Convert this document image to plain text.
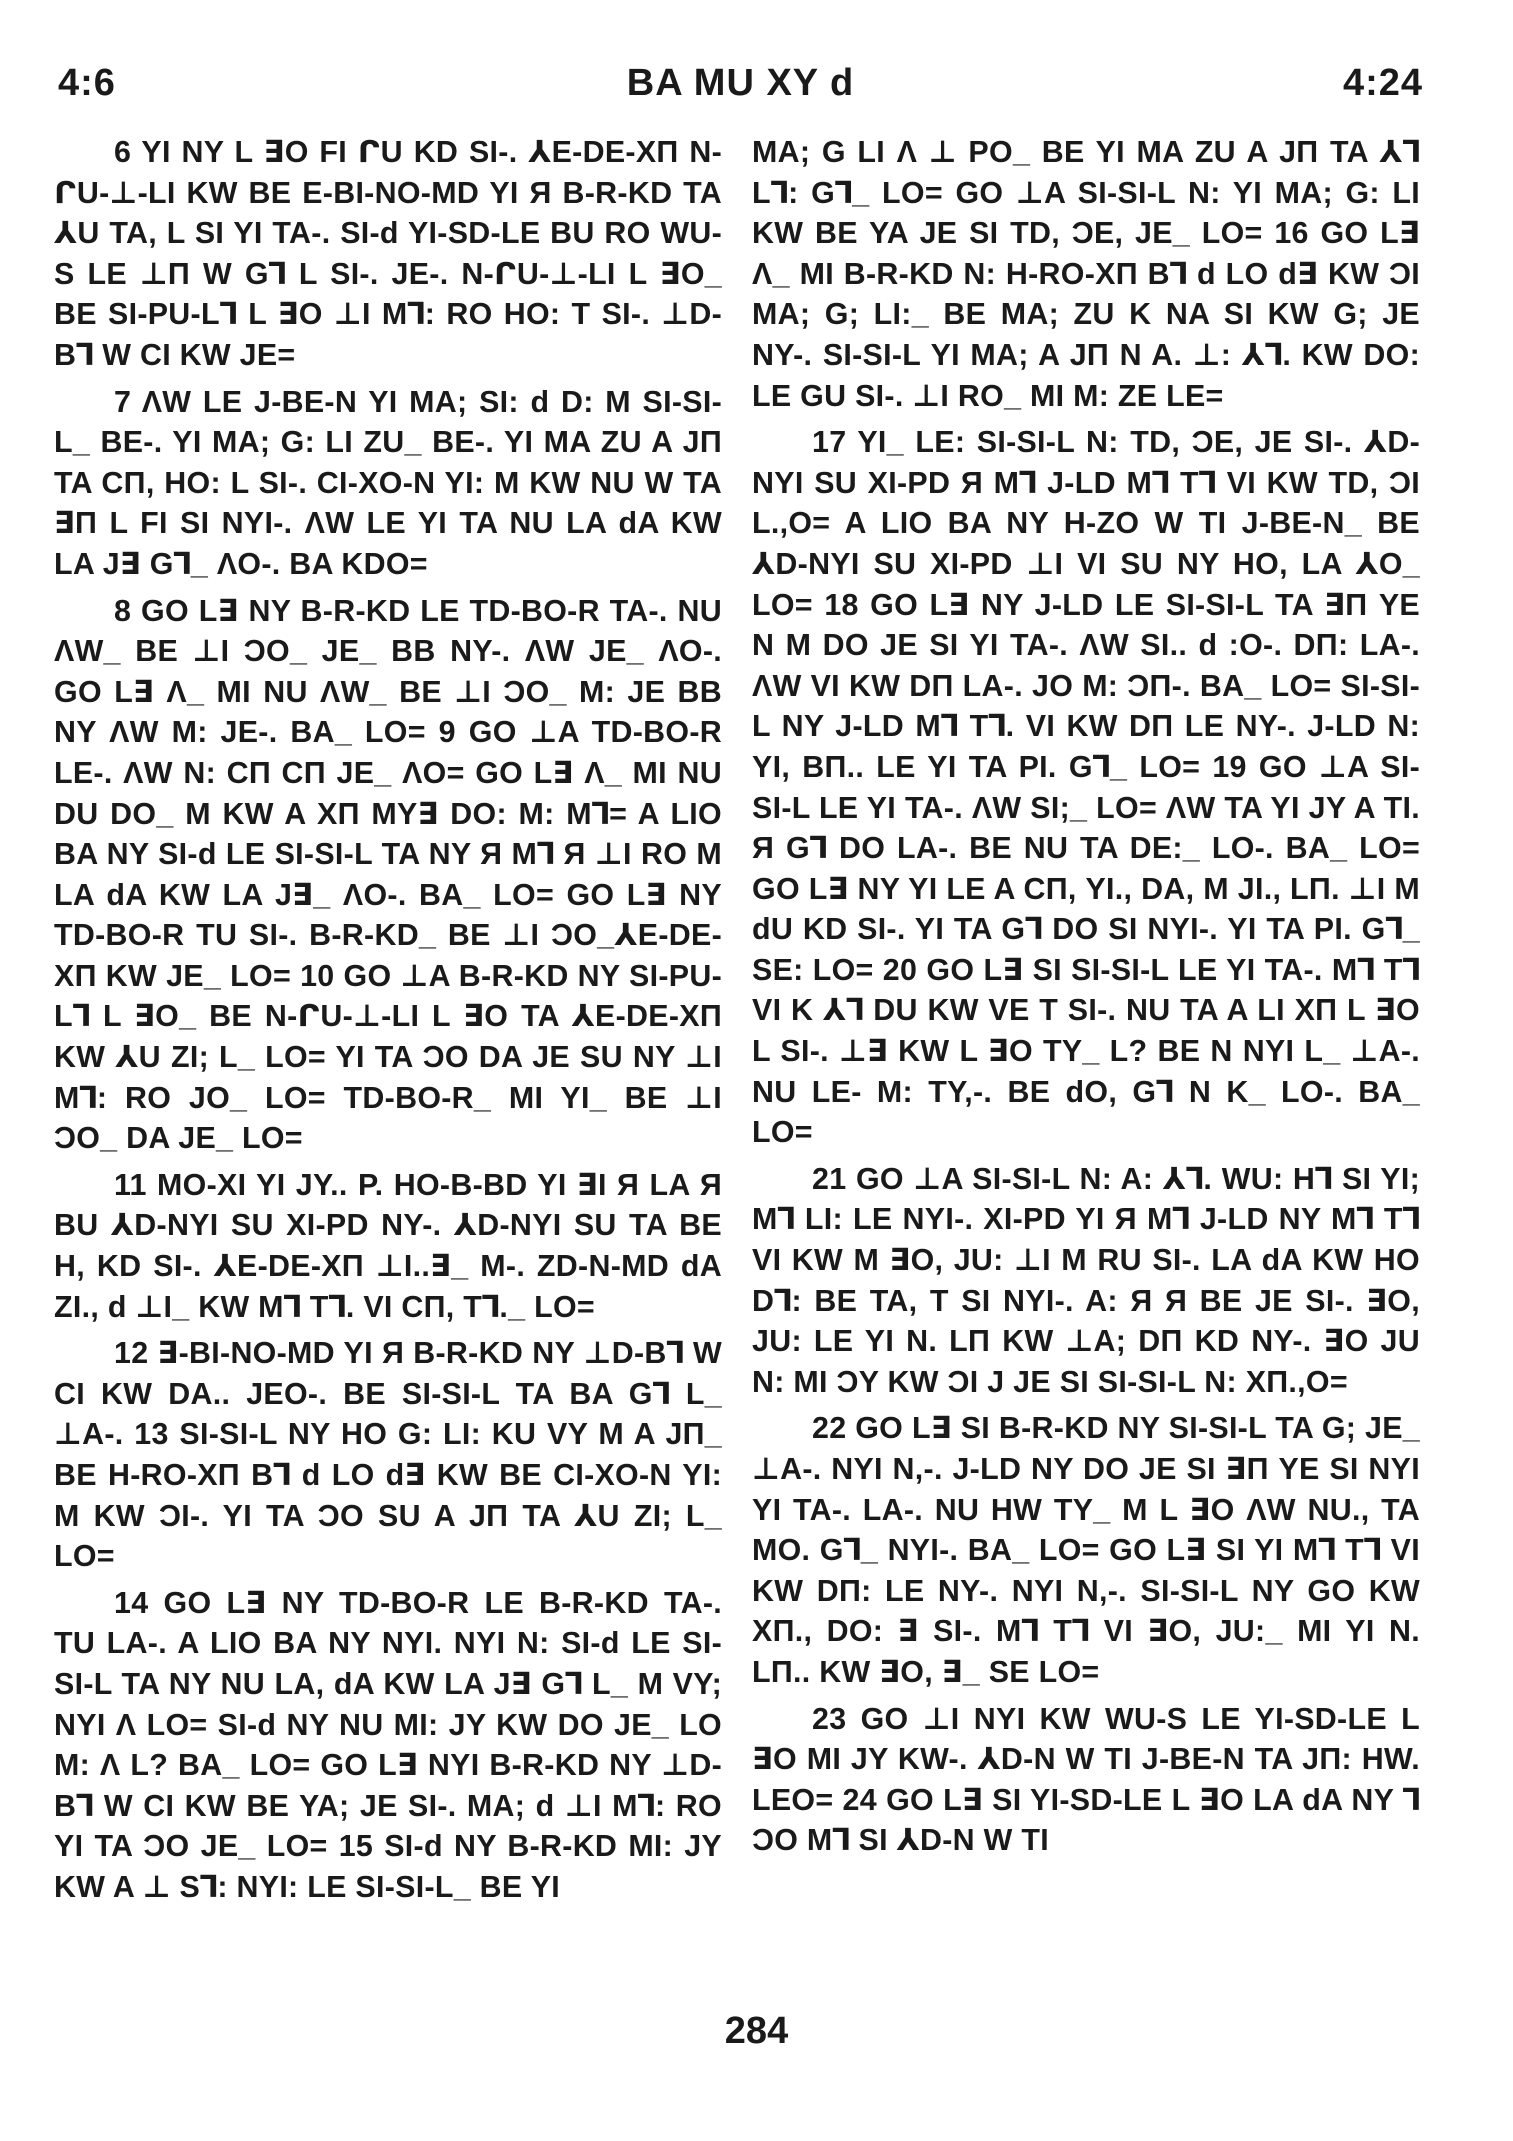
4:6	BA MU XY d	4:24

6 YI NY L ∃O FI ᒋU KD SI-. ⅄E-DE-XП N-ᒋU-⊥-LI KW BE E-BI-NO-MD YI Я B-R-KD TA ⅄U TA, L SI YI TA-. SI-d YI-SD-LE BU RO WU-S LE ⊥П W G⅂ L SI-. JE-. N-ᒋU-⊥-LI L ∃O_ BE SI-PU-L⅂ L ∃O ⊥I M⅂: RO HO: T SI-. ⊥D-B⅂ W CI KW JE=

7 ΛW LE J-BE-N YI MA; SI: d D: M SI-SI-L_ BE-. YI MA; G: LI ZU_ BE-. YI MA ZU A JП TA CП, HO: L SI-. CI-XO-N YI: M KW NU W TA ∃П L FI SI NYI-. ΛW LE YI TA NU LA dA KW LA J∃ G⅂_ ΛO-. BA KDO=

8 GO L∃ NY B-R-KD LE TD-BO-R TA-. NU ΛW_ BE ⊥I ƆO_ JE_ BB NY-. ΛW JE_ ΛO-. GO L∃ Λ_ MI NU ΛW_ BE ⊥I ƆO_ M: JE BB NY ΛW M: JE-. BA_ LO= 9 GO ⊥A TD-BO-R LE-. ΛW N: CП CП JE_ ΛO= GO L∃ Λ_ MI NU DU DO_ M KW A XП MY∃ DO: M: M⅂= A LIO BA NY SI-d LE SI-SI-L TA NY Я M⅂ Я ⊥I RO M LA dA KW LA J∃_ ΛO-. BA_ LO= GO L∃ NY TD-BO-R TU SI-. B-R-KD_ BE ⊥I ƆO_⅄E-DE-XП KW JE_ LO= 10 GO ⊥A B-R-KD NY SI-PU-L⅂ L ∃O_ BE N-ᒋU-⊥-LI L ∃O TA ⅄E-DE-XП KW ⅄U ZI; L_ LO= YI TA ƆO DA JE SU NY ⊥I M⅂: RO JO_ LO= TD-BO-R_ MI YI_ BE ⊥I ƆO_ DA JE_ LO=

11 MO-XI YI JY.. P. HO-B-BD YI ∃I Я LA Я BU ⅄D-NYI SU XI-PD NY-. ⅄D-NYI SU TA BE H, KD SI-. ⅄E-DE-XП ⊥I..∃_ M-. ZD-N-MD dA ZI., d ⊥I_ KW M⅂ T⅂. VI CП, T⅂._ LO=

12 ∃-BI-NO-MD YI Я B-R-KD NY ⊥D-B⅂ W CI KW DA.. JEO-. BE SI-SI-L TA BA G⅂ L_ ⊥A-. 13 SI-SI-L NY HO G: LI: KU VY M A JП_ BE H-RO-XП B⅂ d LO d∃ KW BE CI-XO-N YI: M KW ƆI-. YI TA ƆO SU A JП TA ⅄U ZI; L_ LO=

14 GO L∃ NY TD-BO-R LE B-R-KD TA-. TU LA-. A LIO BA NY NYI. NYI N: SI-d LE SI-SI-L TA NY NU LA, dA KW LA J∃ G⅂ L_ M VY; NYI Λ LO= SI-d NY NU MI: JY KW DO JE_ LO M: Λ L? BA_ LO= GO L∃ NYI B-R-KD NY ⊥D-B⅂ W CI KW BE YA; JE SI-. MA; d ⊥I M⅂: RO YI TA ƆO JE_ LO= 15 SI-d NY B-R-KD MI: JY KW A ⊥ S⅂: NYI: LE SI-SI-L_ BE YI

MA; G LI Λ ⊥ PO_ BE YI MA ZU A JП TA ⅄⅂ L⅂: G⅂_ LO= GO ⊥A SI-SI-L N: YI MA; G: LI KW BE YA JE SI TD, ƆE, JE_ LO= 16 GO L∃ Λ_ MI B-R-KD N: H-RO-XП B⅂ d LO d∃ KW ƆI MA; G; LI:_ BE MA; ZU K NA SI KW G; JE NY-. SI-SI-L YI MA; A JП N A. ⊥: ⅄⅂. KW DO: LE GU SI-. ⊥I RO_ MI M: ZE LE=

17 YI_ LE: SI-SI-L N: TD, ƆE, JE SI-. ⅄D-NYI SU XI-PD Я M⅂ J-LD M⅂ T⅂ VI KW TD, ƆI L.,O= A LIO BA NY H-ZO W TI J-BE-N_ BE ⅄D-NYI SU XI-PD ⊥I VI SU NY HO, LA ⅄O_ LO= 18 GO L∃ NY J-LD LE SI-SI-L TA ∃П YE N M DO JE SI YI TA-. ΛW SI.. d :O-. DП: LA-. ΛW VI KW DП LA-. JO M: ƆП-. BA_ LO= SI-SI-L NY J-LD M⅂ T⅂. VI KW DП LE NY-. J-LD N: YI, BП.. LE YI TA PI. G⅂_ LO= 19 GO ⊥A SI-SI-L LE YI TA-. ΛW SI;_ LO= ΛW TA YI JY A TI. Я G⅂ DO LA-. BE NU TA DE:_ LO-. BA_ LO= GO L∃ NY YI LE A CП, YI., DA, M JI., LП. ⊥I M dU KD SI-. YI TA G⅂ DO SI NYI-. YI TA PI. G⅂_ SE: LO= 20 GO L∃ SI SI-SI-L LE YI TA-. M⅂ T⅂ VI K ⅄⅂ DU KW VE T SI-. NU TA A LI XП L ∃O L SI-. ⊥∃ KW L ∃O TY_ L? BE N NYI L_ ⊥A-. NU LE- M: TY,-. BE dO, G⅂ N K_ LO-. BA_ LO=

21 GO ⊥A SI-SI-L N: A: ⅄⅂. WU: H⅂ SI YI; M⅂ LI: LE NYI-. XI-PD YI Я M⅂ J-LD NY M⅂ T⅂ VI KW M ∃O, JU: ⊥I M RU SI-. LA dA KW HO D⅂: BE TA, T SI NYI-. A: Я Я BE JE SI-. ∃O, JU: LE YI N. LП KW ⊥A; DП KD NY-. ∃O JU N: MI ƆY KW ƆI J JE SI SI-SI-L N: XП.,O=

22 GO L∃ SI B-R-KD NY SI-SI-L TA G; JE_ ⊥A-. NYI N,-. J-LD NY DO JE SI ∃П YE SI NYI YI TA-. LA-. NU HW TY_ M L ∃O ΛW NU., TA MO. G⅂_ NYI-. BA_ LO= GO L∃ SI YI M⅂ T⅂ VI KW DП: LE NY-. NYI N,-. SI-SI-L NY GO KW XП., DO: ∃ SI-. M⅂ T⅂ VI ∃O, JU:_ MI YI N. LП.. KW ∃O, ∃_ SE LO=

23 GO ⊥I NYI KW WU-S LE YI-SD-LE L ∃O MI JY KW-. ⅄D-N W TI J-BE-N TA JП: HW. LEO= 24 GO L∃ SI YI-SD-LE L ∃O LA dA NY ⅂ ƆO M⅂ SI ⅄D-N W TI

284
